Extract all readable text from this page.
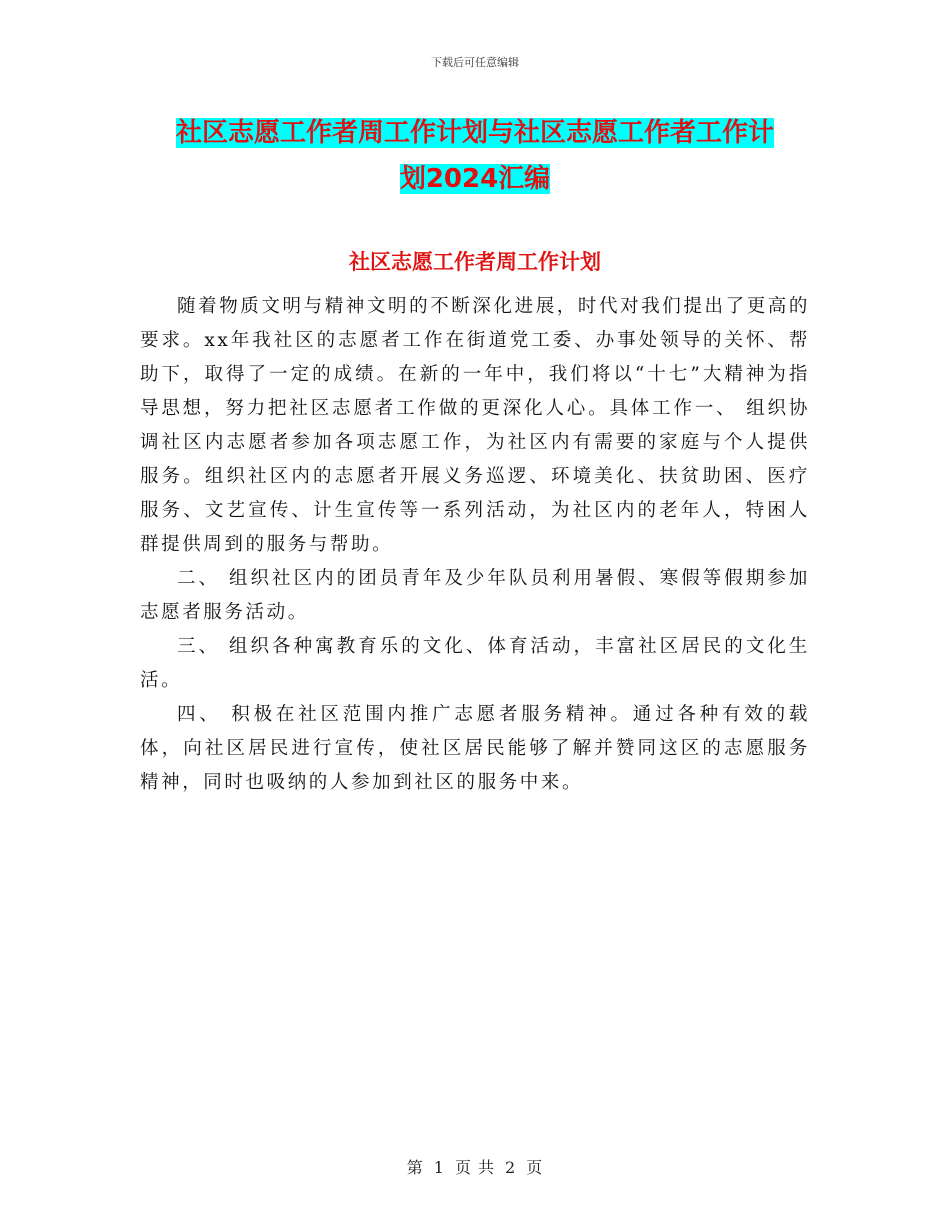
下载后可任意编辑
社区志愿工作者周工作计划与社区志愿工作者工作计
划2024汇编
社区志愿工作者周工作计划

随着物质文明与精神文明的不断深化进展，时代对我们提出了更高的要求。xx年我社区的志愿者工作在街道党工委、办事处领导的关怀、帮助下，取得了一定的成绩。在新的一年中，我们将以“十七”大精神为指导思想，努力把社区志愿者工作做的更深化人心。具体工作一、 组织协调社区内志愿者参加各项志愿工作，为社区内有需要的家庭与个人提供服务。组织社区内的志愿者开展义务巡逻、环境美化、扶贫助困、医疗服务、文艺宣传、计生宣传等一系列活动，为社区内的老年人，特困人群提供周到的服务与帮助。

二、 组织社区内的团员青年及少年队员利用暑假、寒假等假期参加志愿者服务活动。

三、 组织各种寓教育乐的文化、体育活动，丰富社区居民的文化生活。

四、 积极在社区范围内推广志愿者服务精神。通过各种有效的载体，向社区居民进行宣传，使社区居民能够了解并赞同这区的志愿服务精神，同时也吸纳的人参加到社区的服务中来。

第 1 页 共 2 页
